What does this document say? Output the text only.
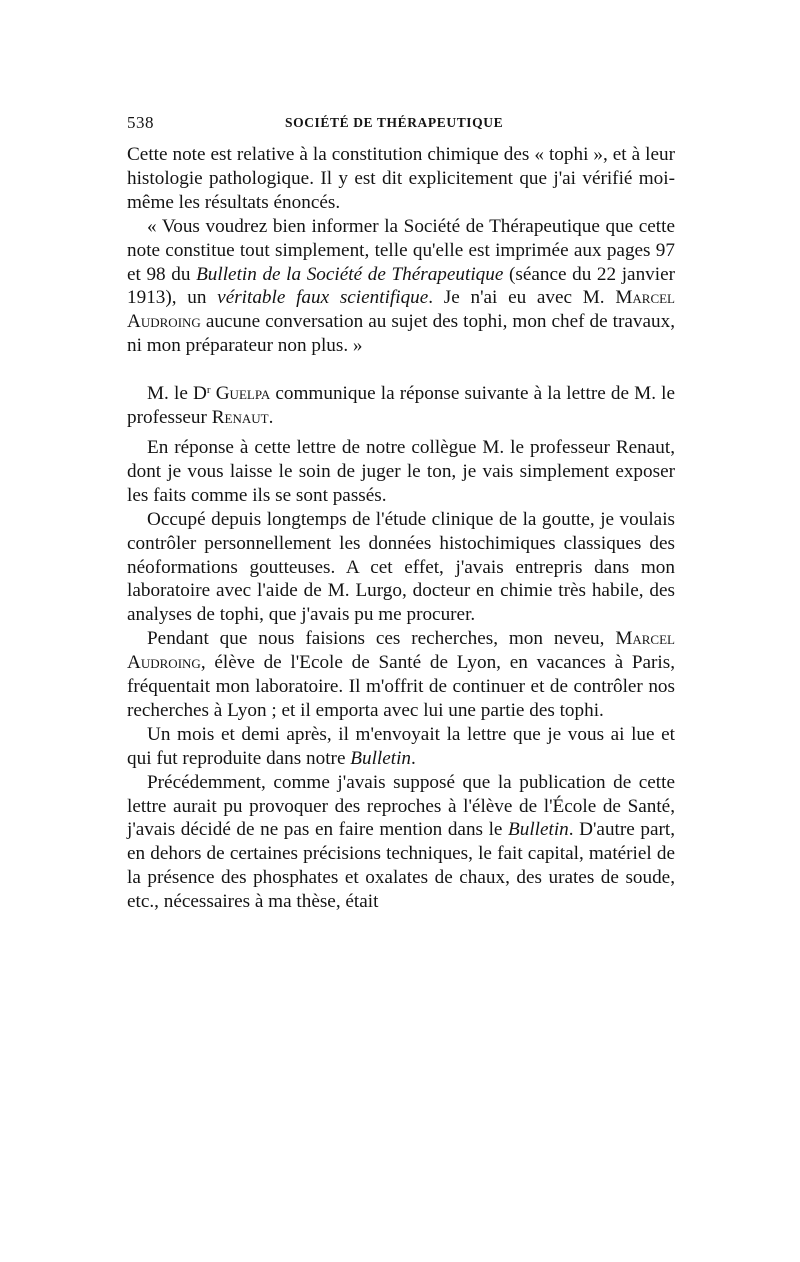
538	SOCIÉTÉ DE THÉRAPEUTIQUE

Cette note est relative à la constitution chimique des « tophi », et à leur histologie pathologique. Il y est dit explicitement que j'ai vérifié moi-même les résultats énoncés.

« Vous voudrez bien informer la Société de Thérapeutique que cette note constitue tout simplement, telle qu'elle est imprimée aux pages 97 et 98 du Bulletin de la Société de Thérapeutique (séance du 22 janvier 1913), un véritable faux scientifique. Je n'ai eu avec M. Marcel Audroing aucune conversation au sujet des tophi, mon chef de travaux, ni mon préparateur non plus. »

M. le $D^r$ Guelpa communique la réponse suivante à la lettre de M. le professeur Renaut.

En réponse à cette lettre de notre collègue M. le professeur Renaut, dont je vous laisse le soin de juger le ton, je vais simplement exposer les faits comme ils se sont passés.

Occupé depuis longtemps de l'étude clinique de la goutte, je voulais contrôler personnellement les données histochimiques classiques des néoformations goutteuses. A cet effet, j'avais entrepris dans mon laboratoire avec l'aide de M. Lurgo, docteur en chimie très habile, des analyses de tophi, que j'avais pu me procurer.

Pendant que nous faisions ces recherches, mon neveu, Marcel Audroing, élève de l'Ecole de Santé de Lyon, en vacances à Paris, fréquentait mon laboratoire. Il m'offrit de continuer et de contrôler nos recherches à Lyon ; et il emporta avec lui une partie des tophi.

Un mois et demi après, il m'envoyait la lettre que je vous ai lue et qui fut reproduite dans notre Bulletin.

Précédemment, comme j'avais supposé que la publication de cette lettre aurait pu provoquer des reproches à l'élève de l'École de Santé, j'avais décidé de ne pas en faire mention dans le Bulletin. D'autre part, en dehors de certaines précisions techniques, le fait capital, matériel de la présence des phosphates et oxalates de chaux, des urates de soude, etc., nécessaires à ma thèse, était
